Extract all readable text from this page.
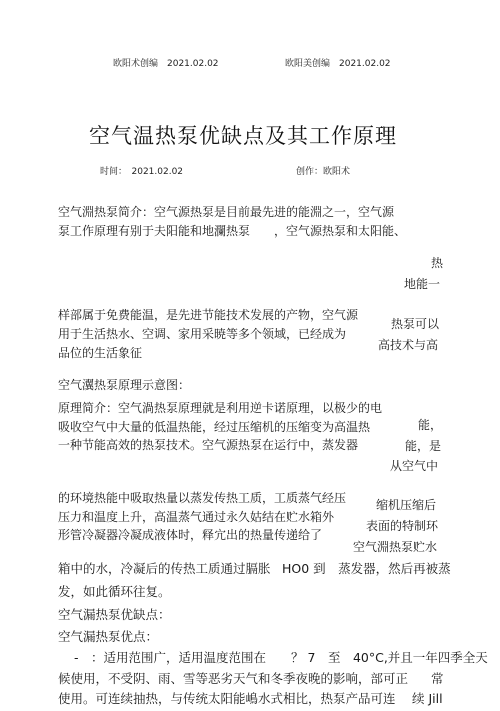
欧阳术创编　2021.02.02	欧阳美创编　2021.02.02
空气温热泵优缺点及其工作原理
时间：　2021.02.02	创作：欧阳术
空气淵热泵简介：空气源热泵是目前最先进的能淵之一，空气源
泵工作原理有别于夫阳能和地瀾热泵　　，空气源热泵和太阳能、
热
地能一
样部属于免费能温，是先进节能技术发展的产物，空气源
用于生活热水、空调、家用采暁等多个领域，已经成为
品位的生活象征
热泵可以
高技术与高
空气瀷热泵原理示意图：
原理简介：空气渦热泵原理就是利用逆卡诺原理，以极少的电
吸收空气中大量的低温热能，经过压缩机的压缩变为高温热
一种节能高效的热泵技术。空气源热泵在运行中，蒸发器
能，
能，是
从空气中
的环境热能中吸取热量以蒸发传热工质，工质蒸气经压
压力和温度上升，高温蒸气通过永久姑结在贮水箱外
形管冷凝器冷凝成液体时，释宂出的热量传递给了
缩机压缩后
表面的特制环
空气淵热泵贮水
箱中的水，冷凝后的传热工质通过膈胀 HO0 到　蒸发器，然后再被蒸
发，如此循环往复。
空气漏热泵优缺点：
空气漏热泵优点：
-　：适用范围广，适用温度范围在　　？ 7　至　40°C,并且一年四季全天
候使用，不受阴、雨、雪等恶劣天气和冬季夜晚的影响，部可正 常
使用。可连续抽热，与传统太阳能嶋水式相比，热泵产品可连 续 Jill
